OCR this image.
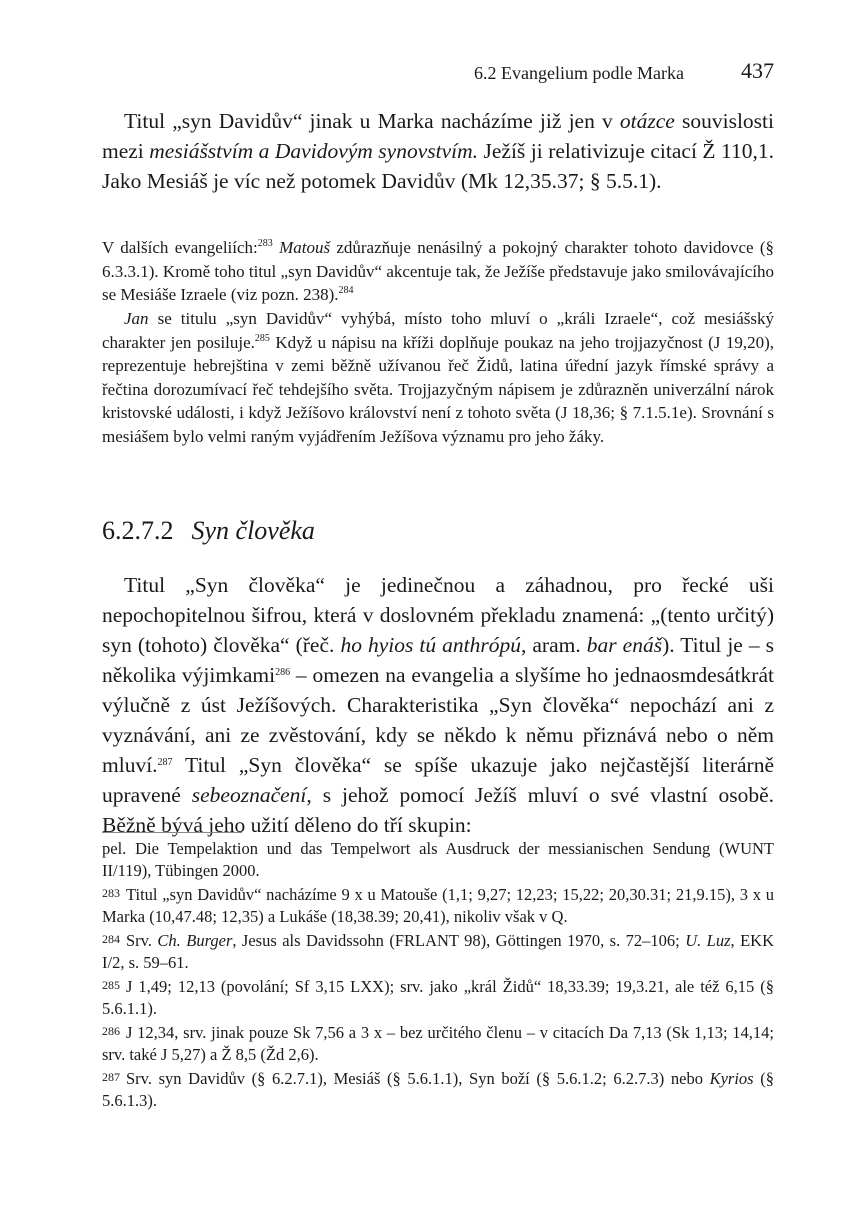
6.2 Evangelium podle Marka	437

Titul „syn Davidův“ jinak u Marka nacházíme již jen v otázce souvislosti mezi mesiášstvím a Davidovým synovstvím. Ježíš ji relativizuje citací Ž 110,1. Jako Mesiáš je víc než potomek Davidův (Mk 12,35.37; § 5.5.1).

V dalších evangeliích:$^{283}$ Matouš zdůrazňuje nenásilný a pokojný charakter tohoto davidovce (§ 6.3.3.1). Kromě toho titul „syn Davidův“ akcentuje tak, že Ježíše představuje jako smilovávajícího se Mesiáše Izraele (viz pozn. 238).$^{284}$

Jan se titulu „syn Davidův“ vyhýbá, místo toho mluví o „králi Izraele“, což mesiášský charakter jen posiluje.$^{285}$ Když u nápisu na kříži doplňuje poukaz na jeho trojjazyčnost (J 19,20), reprezentuje hebrejština v zemi běžně užívanou řeč Židů, latina úřední jazyk římské správy a řečtina dorozumívací řeč tehdejšího světa. Trojjazyčným nápisem je zdůrazněn univerzální nárok kristovské události, i když Ježíšovo království není z tohoto světa (J 18,36; § 7.1.5.1e). Srovnání s mesiášem bylo velmi raným vyjádřením Ježíšova významu pro jeho žáky.

6.2.7.2 Syn člověka

Titul „Syn člověka“ je jedinečnou a záhadnou, pro řecké uši nepochopitelnou šifrou, která v doslovném překladu znamená: „(tento určitý) syn (tohoto) člověka“ (řeč. ho hyios tú anthrópú, aram. bar enáš). Titul je – s několika výjimkami$^{286}$ – omezen na evangelia a slyšíme ho jednaosmdesátkrát výlučně z úst Ježíšových. Charakteristika „Syn člověka“ nepochází ani z vyznávání, ani ze zvěstování, kdy se někdo k němu přiznává nebo o něm mluví.$^{287}$ Titul „Syn člověka“ se spíše ukazuje jako nejčastější literárně upravené sebeoznačení, s jehož pomocí Ježíš mluví o své vlastní osobě. Běžně bývá jeho užití děleno do tří skupin:

pel. Die Tempelaktion und das Tempelwort als Ausdruck der messianischen Sendung (WUNT II/119), Tübingen 2000.

283 Titul „syn Davidův“ nacházíme 9 x u Matouše (1,1; 9,27; 12,23; 15,22; 20,30.31; 21,9.15), 3 x u Marka (10,47.48; 12,35) a Lukáše (18,38.39; 20,41), nikoliv však v Q.

284 Srv. Ch. Burger, Jesus als Davidssohn (FRLANT 98), Göttingen 1970, s. 72–106; U. Luz, EKK I/2, s. 59–61.

285 J 1,49; 12,13 (povolání; Sf 3,15 LXX); srv. jako „král Židů“ 18,33.39; 19,3.21, ale též 6,15 (§ 5.6.1.1).

286 J 12,34, srv. jinak pouze Sk 7,56 a 3 x – bez určitého členu – v citacích Da 7,13 (Sk 1,13; 14,14; srv. také J 5,27) a Ž 8,5 (Žd 2,6).

287 Srv. syn Davidův (§ 6.2.7.1), Mesiáš (§ 5.6.1.1), Syn boží (§ 5.6.1.2; 6.2.7.3) nebo Kyrios (§ 5.6.1.3).
